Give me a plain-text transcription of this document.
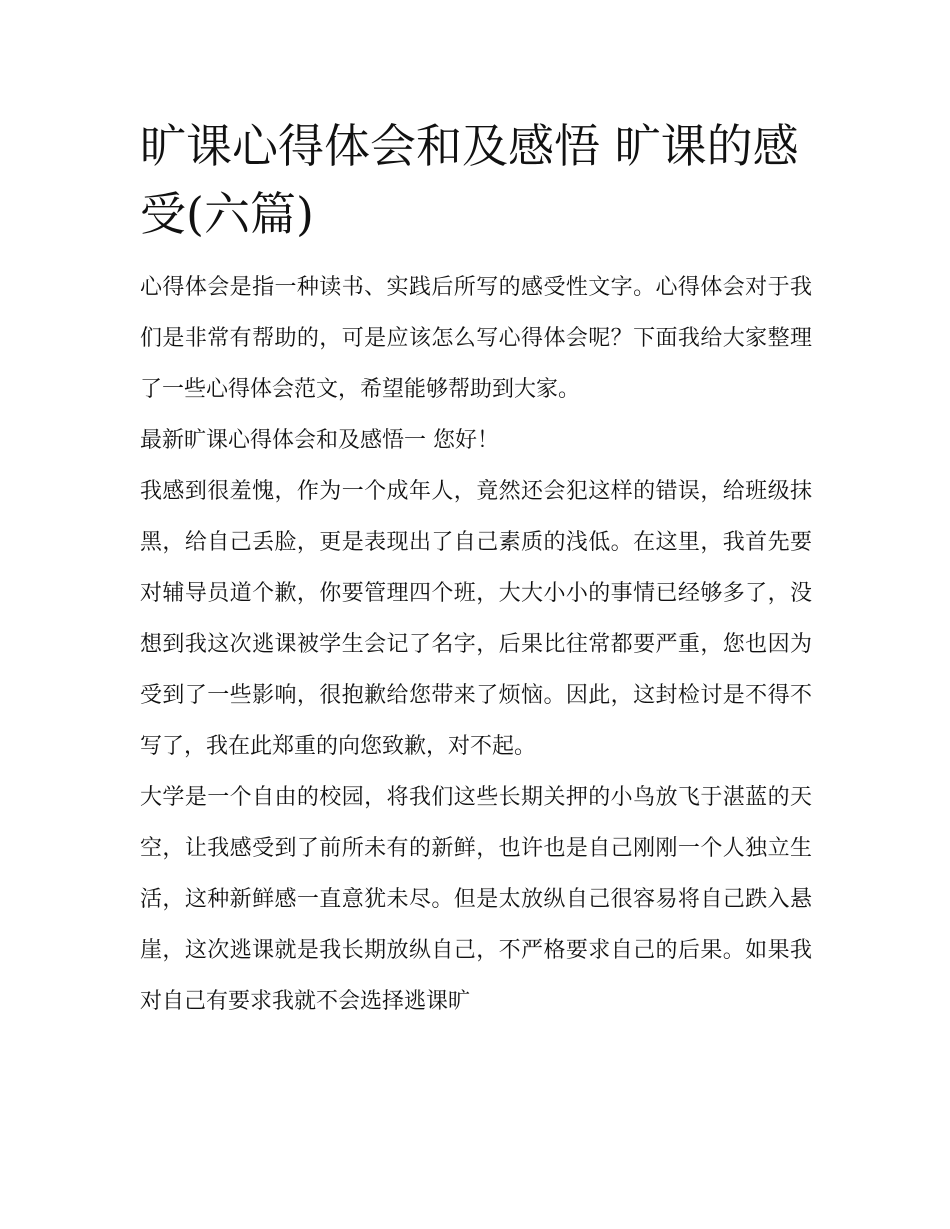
旷课心得体会和及感悟 旷课的感受(六篇)

心得体会是指一种读书、实践后所写的感受性文字。心得体会对于我们是非常有帮助的，可是应该怎么写心得体会呢？下面我给大家整理了一些心得体会范文，希望能够帮助到大家。

最新旷课心得体会和及感悟一 您好！

我感到很羞愧，作为一个成年人，竟然还会犯这样的错误，给班级抹黑，给自己丢脸，更是表现出了自己素质的浅低。在这里，我首先要对辅导员道个歉，你要管理四个班，大大小小的事情已经够多了，没想到我这次逃课被学生会记了名字，后果比往常都要严重，您也因为受到了一些影响，很抱歉给您带来了烦恼。因此，这封检讨是不得不写了，我在此郑重的向您致歉，对不起。

大学是一个自由的校园，将我们这些长期关押的小鸟放飞于湛蓝的天空，让我感受到了前所未有的新鲜，也许也是自己刚刚一个人独立生活，这种新鲜感一直意犹未尽。但是太放纵自己很容易将自己跌入悬崖，这次逃课就是我长期放纵自己，不严格要求自己的后果。如果我对自己有要求我就不会选择逃课旷
